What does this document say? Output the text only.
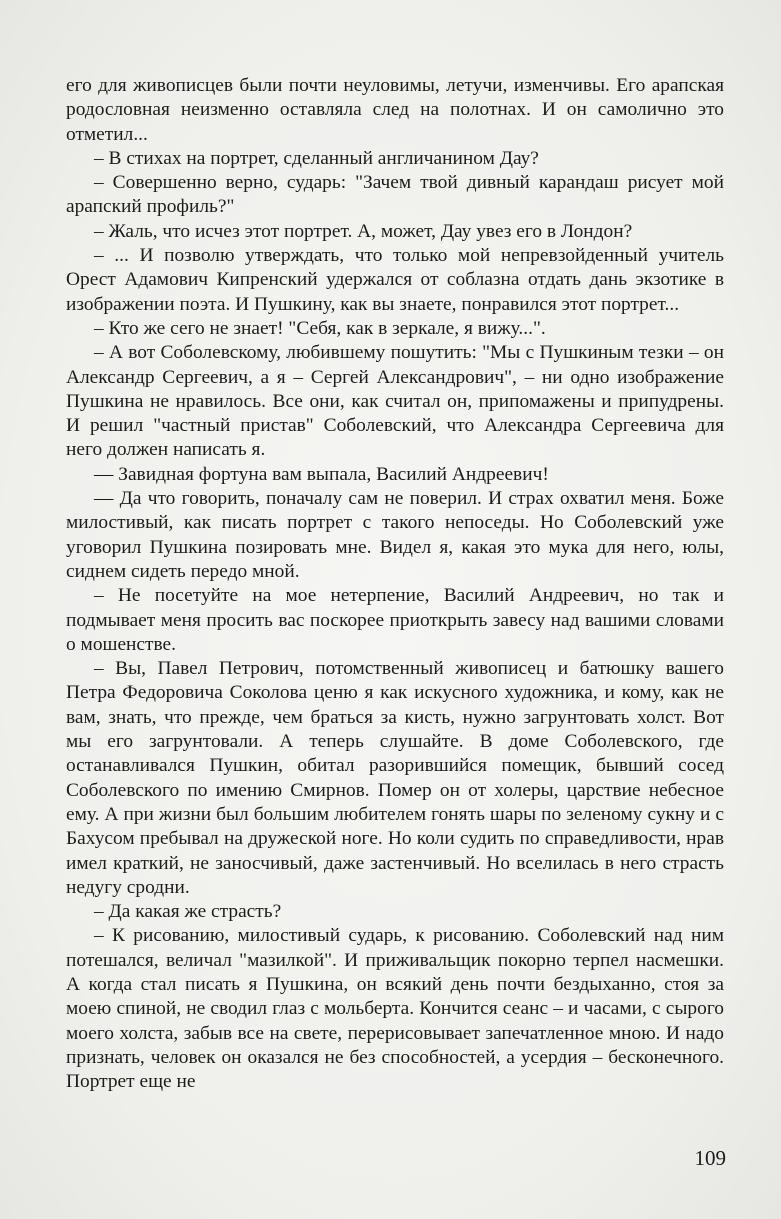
его для живописцев были почти неуловимы, летучи, изменчивы. Его арапская родословная неизменно оставляла след на полотнах. И он самолично это отметил...

– В стихах на портрет, сделанный англичанином Дау?

– Совершенно верно, сударь: "Зачем твой дивный карандаш рисует мой арапский профиль?"

– Жаль, что исчез этот портрет. А, может, Дау увез его в Лондон?

– ... И позволю утверждать, что только мой непревзойденный учитель Орест Адамович Кипренский удержался от соблазна отдать дань экзотике в изображении поэта. И Пушкину, как вы знаете, понравился этот портрет...

– Кто же сего не знает! "Себя, как в зеркале, я вижу...".

– А вот Соболевскому, любившему пошутить: "Мы с Пушкиным тезки – он Александр Сергеевич, а я – Сергей Александрович", – ни одно изображение Пушкина не нравилось. Все они, как считал он, припомажены и припудрены. И решил "частный пристав" Соболевский, что Александра Сергеевича для него должен написать я.

— Завидная фортуна вам выпала, Василий Андреевич!

— Да что говорить, поначалу сам не поверил. И страх охватил меня. Боже милостивый, как писать портрет с такого непоседы. Но Соболевский уже уговорил Пушкина позировать мне. Видел я, какая это мука для него, юлы, сиднем сидеть передо мной.

– Не посетуйте на мое нетерпение, Василий Андреевич, но так и подмывает меня просить вас поскорее приоткрыть завесу над вашими словами о мошенстве.

– Вы, Павел Петрович, потомственный живописец и батюшку вашего Петра Федоровича Соколова ценю я как искусного художника, и кому, как не вам, знать, что прежде, чем браться за кисть, нужно загрунтовать холст. Вот мы его загрунтовали. А теперь слушайте. В доме Соболевского, где останавливался Пушкин, обитал разорившийся помещик, бывший сосед Соболевского по имению Смирнов. Помер он от холеры, царствие небесное ему. А при жизни был большим любителем гонять шары по зеленому сукну и с Бахусом пребывал на дружеской ноге. Но коли судить по справедливости, нрав имел краткий, не заносчивый, даже застенчивый. Но вселилась в него страсть недугу сродни.

– Да какая же страсть?

– К рисованию, милостивый сударь, к рисованию. Соболевский над ним потешался, величал "мазилкой". И приживальщик покорно терпел насмешки. А когда стал писать я Пушкина, он всякий день почти бездыханно, стоя за моею спиной, не сводил глаз с мольберта. Кончится сеанс – и часами, с сырого моего холста, забыв все на свете, перерисовывает запечатленное мною. И надо признать, человек он оказался не без способностей, а усердия – бесконечного. Портрет еще не

109
